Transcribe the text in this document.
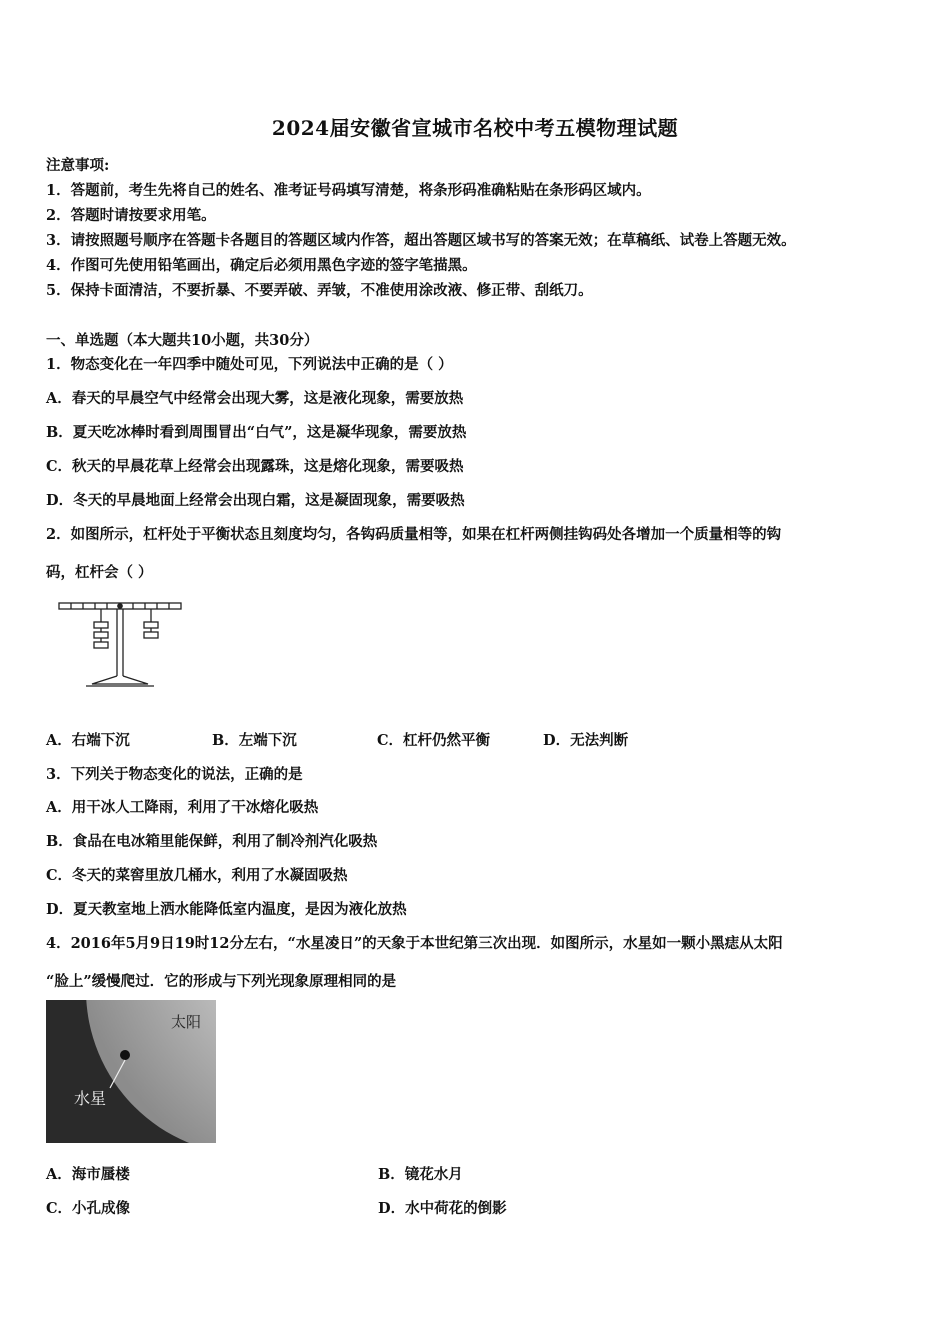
2024届安徽省宣城市名校中考五模物理试题
注意事项:
1．答题前，考生先将自己的姓名、准考证号码填写清楚，将条形码准确粘贴在条形码区域内。
2．答题时请按要求用笔。
3．请按照题号顺序在答题卡各题目的答题区域内作答，超出答题区域书写的答案无效；在草稿纸、试卷上答题无效。
4．作图可先使用铅笔画出，确定后必须用黑色字迹的签字笔描黑。
5．保持卡面清洁，不要折暴、不要弄破、弄皱，不准使用涂改液、修正带、刮纸刀。
一、单选题（本大题共10小题，共30分）
1．物态变化在一年四季中随处可见，下列说法中正确的是（ ）
A．春天的早晨空气中经常会出现大雾，这是液化现象，需要放热
B．夏天吃冰棒时看到周围冒出“白气”，这是凝华现象，需要放热
C．秋天的早晨花草上经常会出现露珠，这是熔化现象，需要吸热
D．冬天的早晨地面上经常会出现白霜，这是凝固现象，需要吸热
2．如图所示，杠杆处于平衡状态且刻度均匀，各钩码质量相等，如果在杠杆两侧挂钩码处各增加一个质量相等的钩
码，杠杆会（ ）
A．右端下沉	B．左端下沉	C．杠杆仍然平衡	D．无法判断
3．下列关于物态变化的说法，正确的是
A．用干冰人工降雨，利用了干冰熔化吸热
B．食品在电冰箱里能保鲜，利用了制冷剂汽化吸热
C．冬天的菜窖里放几桶水，利用了水凝固吸热
D．夏天教室地上洒水能降低室内温度，是因为液化放热
4．2016年5月9日19时12分左右，“水星凌日”的天象于本世纪第三次出现．如图所示，水星如一颗小黑痣从太阳
“脸上”缓慢爬过．它的形成与下列光现象原理相同的是
太阳
水星
A．海市蜃楼	B．镜花水月
C．小孔成像	D．水中荷花的倒影
